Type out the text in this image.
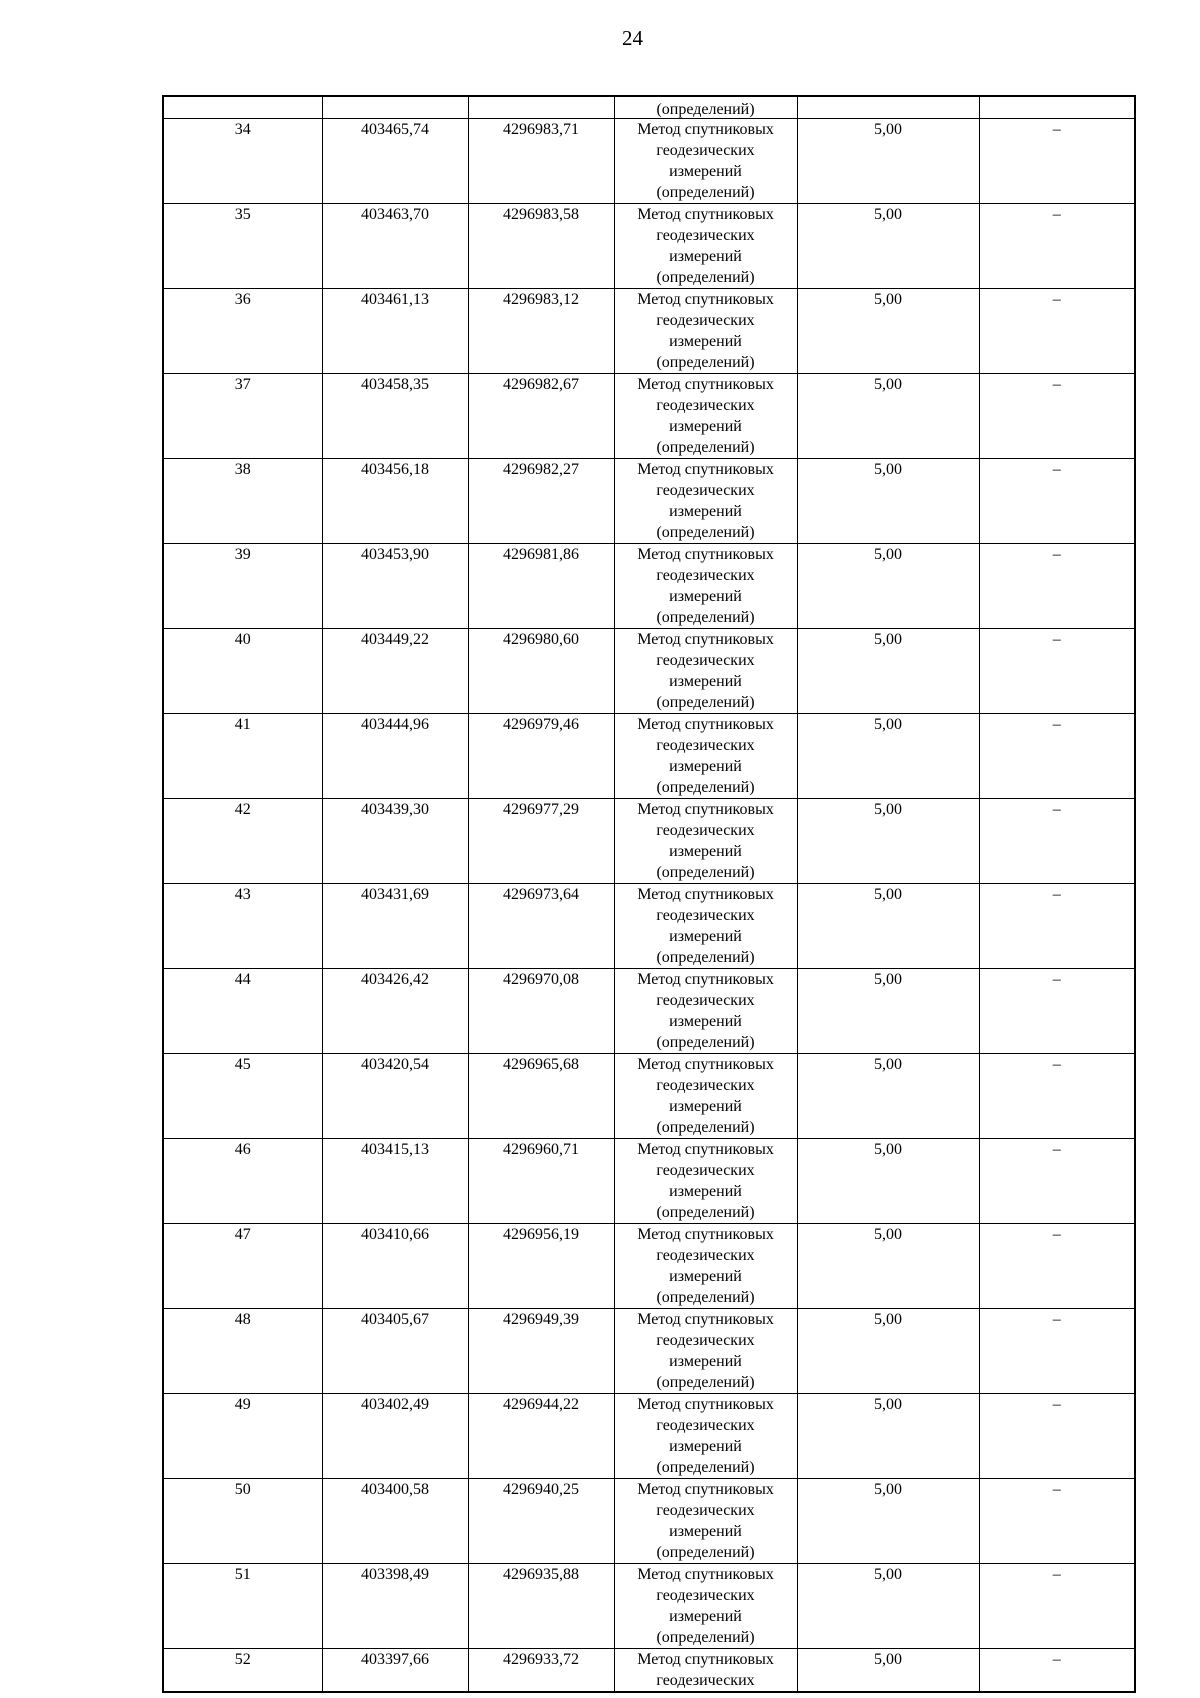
24
			(определений)		
34	403465,74	4296983,71	Метод спутниковых
геодезических
измерений
(определений)	5,00	–
35	403463,70	4296983,58	Метод спутниковых
геодезических
измерений
(определений)	5,00	–
36	403461,13	4296983,12	Метод спутниковых
геодезических
измерений
(определений)	5,00	–
37	403458,35	4296982,67	Метод спутниковых
геодезических
измерений
(определений)	5,00	–
38	403456,18	4296982,27	Метод спутниковых
геодезических
измерений
(определений)	5,00	–
39	403453,90	4296981,86	Метод спутниковых
геодезических
измерений
(определений)	5,00	–
40	403449,22	4296980,60	Метод спутниковых
геодезических
измерений
(определений)	5,00	–
41	403444,96	4296979,46	Метод спутниковых
геодезических
измерений
(определений)	5,00	–
42	403439,30	4296977,29	Метод спутниковых
геодезических
измерений
(определений)	5,00	–
43	403431,69	4296973,64	Метод спутниковых
геодезических
измерений
(определений)	5,00	–
44	403426,42	4296970,08	Метод спутниковых
геодезических
измерений
(определений)	5,00	–
45	403420,54	4296965,68	Метод спутниковых
геодезических
измерений
(определений)	5,00	–
46	403415,13	4296960,71	Метод спутниковых
геодезических
измерений
(определений)	5,00	–
47	403410,66	4296956,19	Метод спутниковых
геодезических
измерений
(определений)	5,00	–
48	403405,67	4296949,39	Метод спутниковых
геодезических
измерений
(определений)	5,00	–
49	403402,49	4296944,22	Метод спутниковых
геодезических
измерений
(определений)	5,00	–
50	403400,58	4296940,25	Метод спутниковых
геодезических
измерений
(определений)	5,00	–
51	403398,49	4296935,88	Метод спутниковых
геодезических
измерений
(определений)	5,00	–
52	403397,66	4296933,72	Метод спутниковых
геодезических	5,00	–
